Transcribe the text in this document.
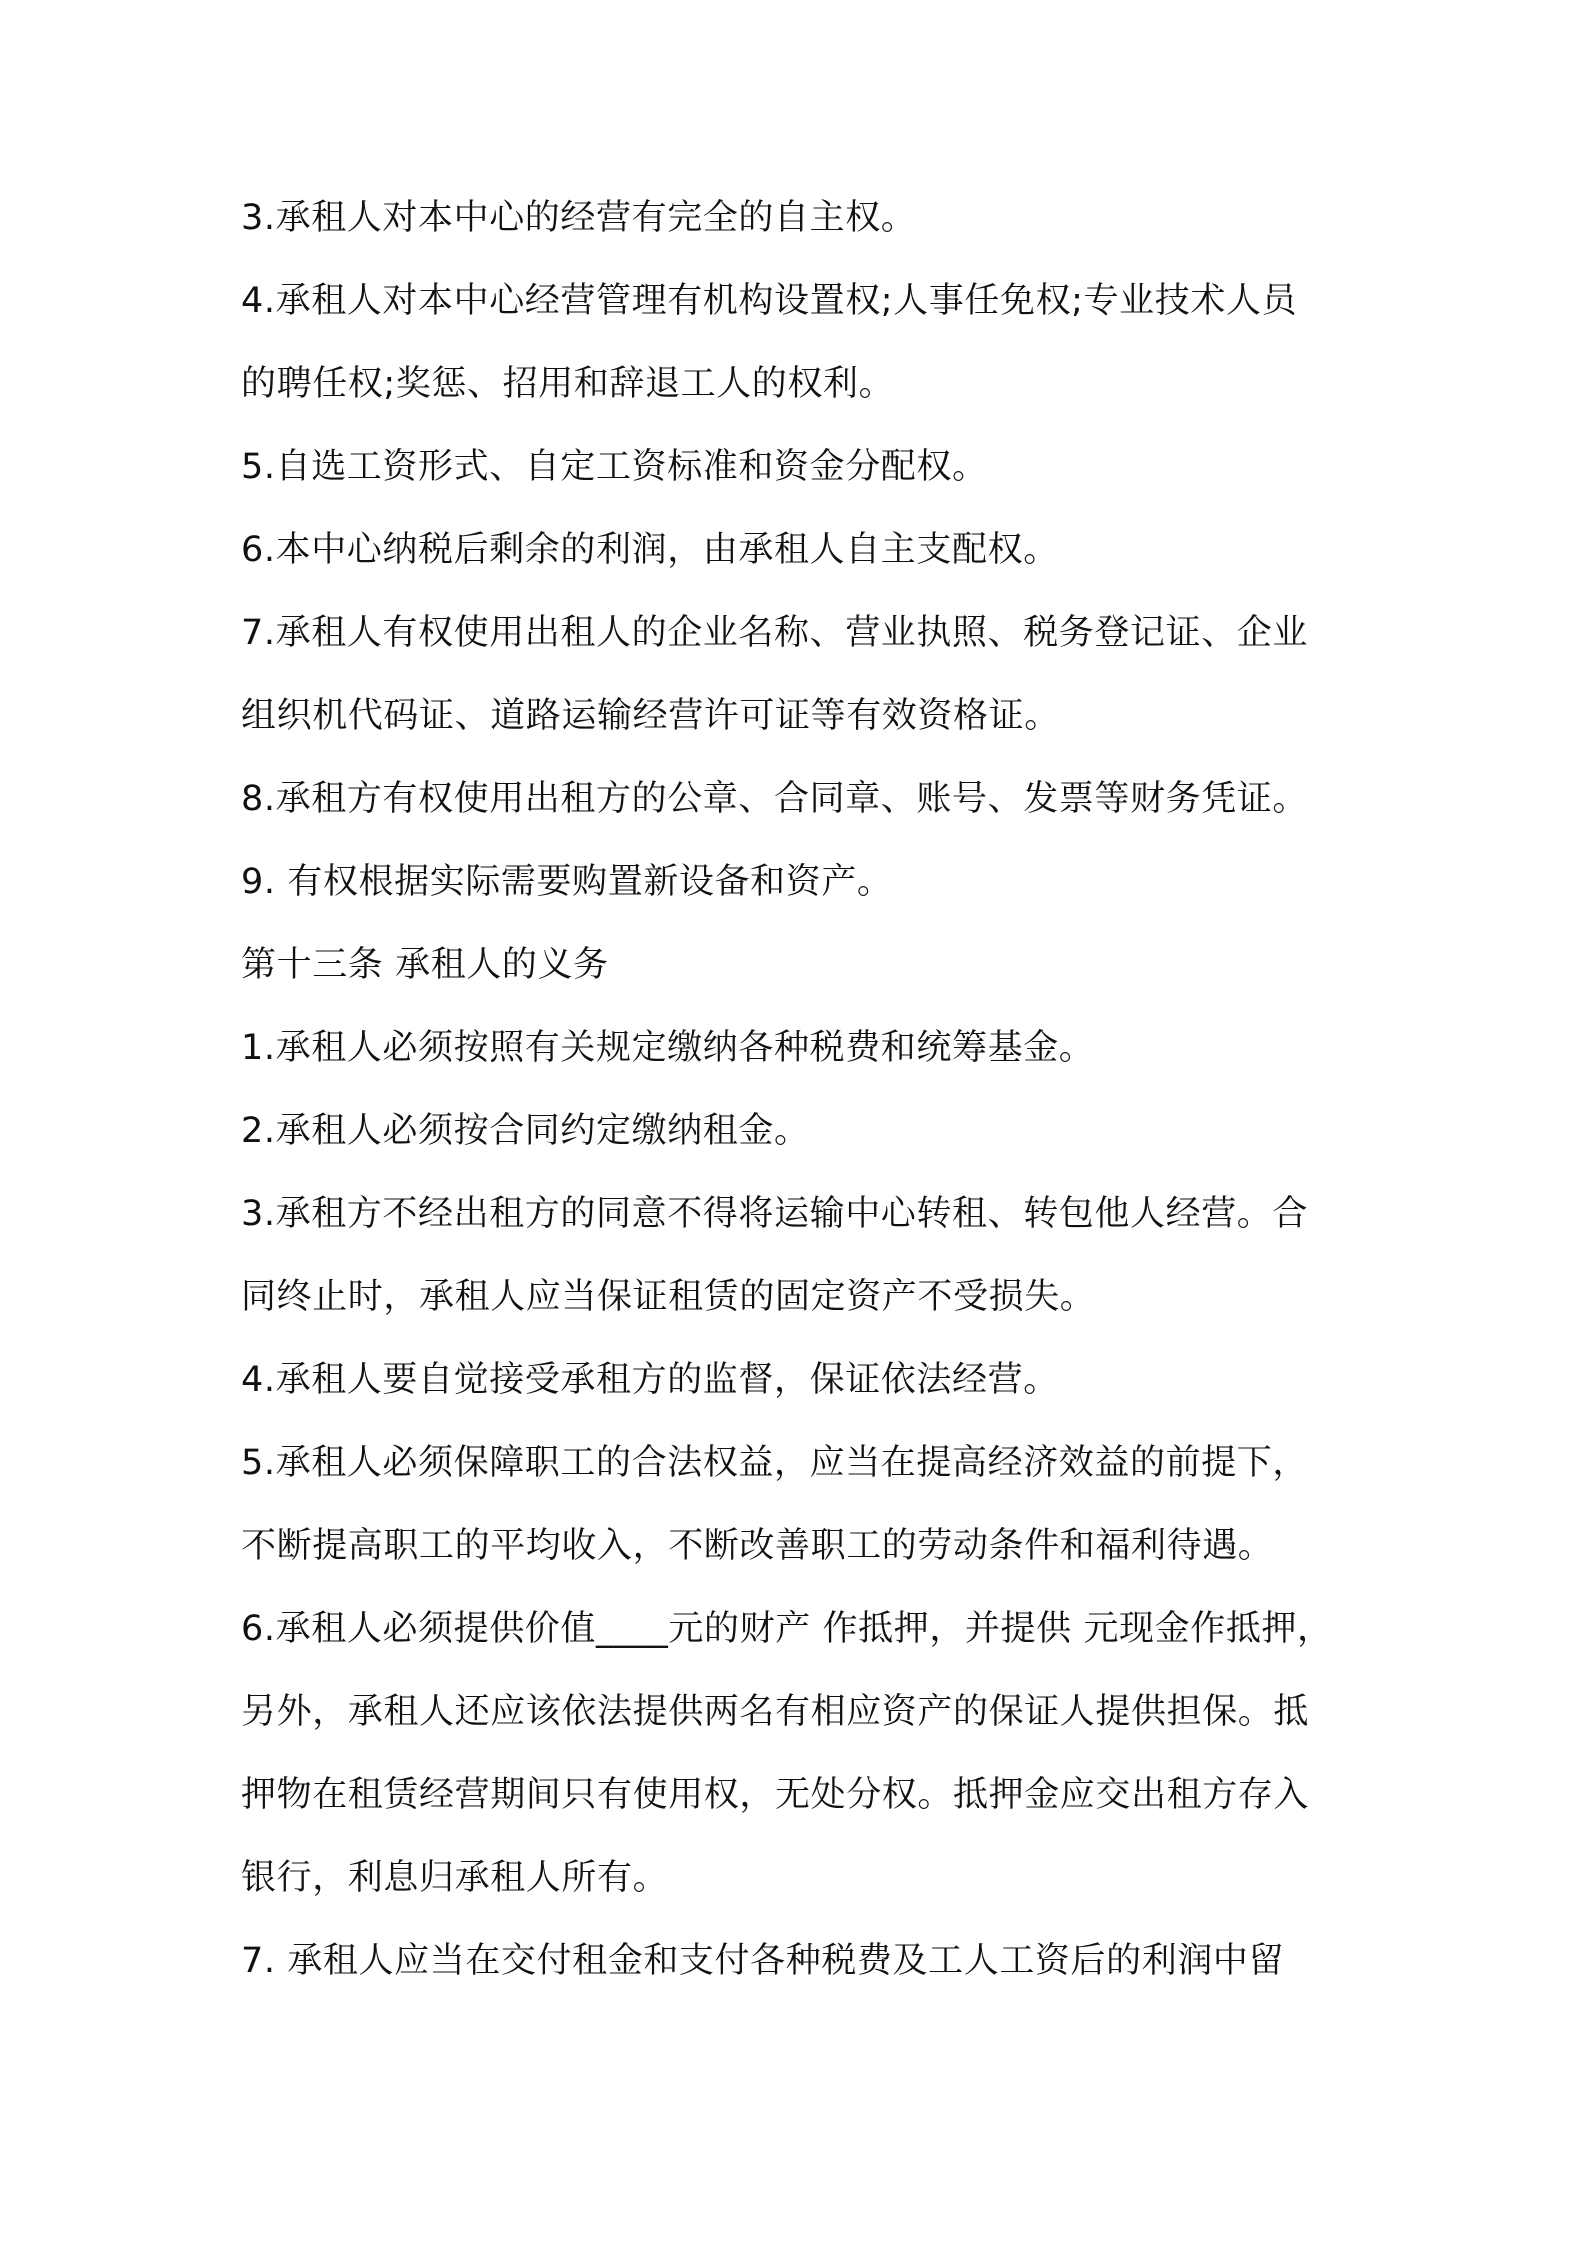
3.承租人对本中心的经营有完全的自主权。
4.承租人对本中心经营管理有机构设置权;人事任免权;专业技术人员
的聘任权;奖惩、招用和辞退工人的权利。
5.自选工资形式、自定工资标准和资金分配权。
6.本中心纳税后剩余的利润，由承租人自主支配权。
7.承租人有权使用出租人的企业名称、营业执照、税务登记证、企业
组织机代码证、道路运输经营许可证等有效资格证。
8.承租方有权使用出租方的公章、合同章、账号、发票等财务凭证。
9. 有权根据实际需要购置新设备和资产。
第十三条 承租人的义务
1.承租人必须按照有关规定缴纳各种税费和统筹基金。
2.承租人必须按合同约定缴纳租金。
3.承租方不经出租方的同意不得将运输中心转租、转包他人经营。合
同终止时，承租人应当保证租赁的固定资产不受损失。
4.承租人要自觉接受承租方的监督，保证依法经营。
5.承租人必须保障职工的合法权益，应当在提高经济效益的前提下，
不断提高职工的平均收入，不断改善职工的劳动条件和福利待遇。
6.承租人必须提供价值____元的财产 作抵押，并提供 元现金作抵押，
另外，承租人还应该依法提供两名有相应资产的保证人提供担保。抵
押物在租赁经营期间只有使用权，无处分权。抵押金应交出租方存入
银行，利息归承租人所有。
7. 承租人应当在交付租金和支付各种税费及工人工资后的利润中留
